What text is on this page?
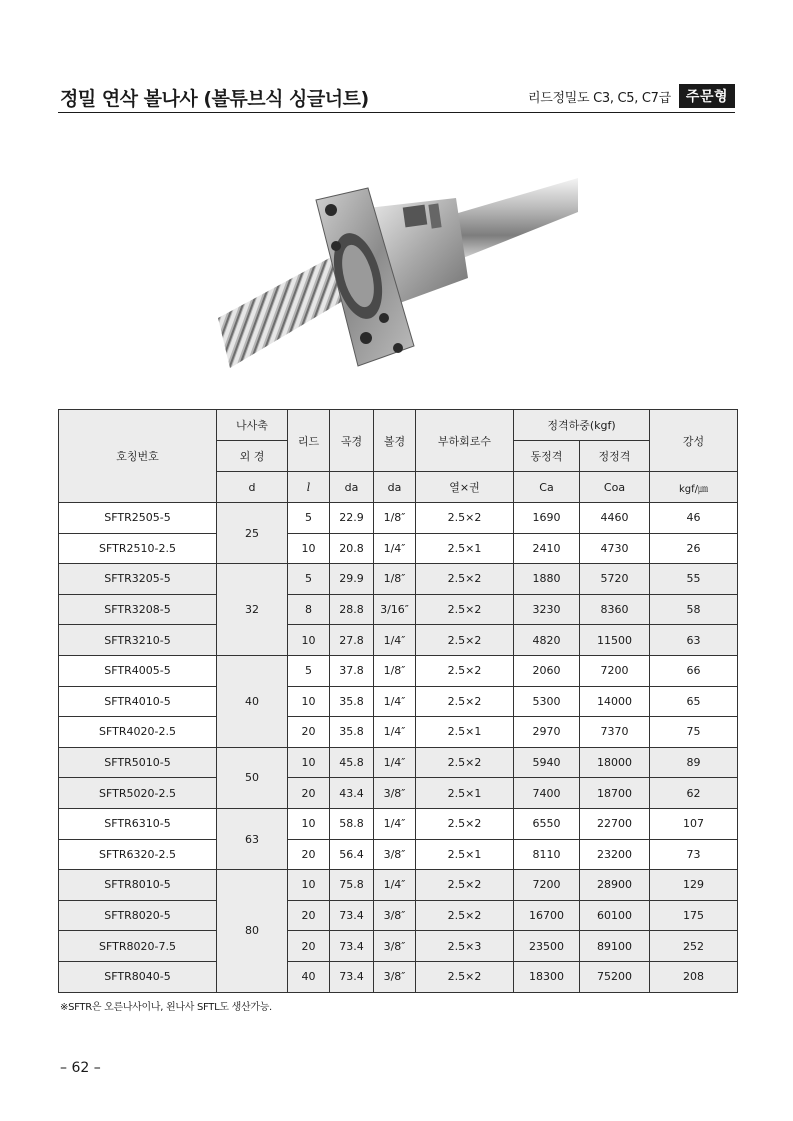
정밀 연삭 볼나사 (볼튜브식 싱글너트)	리드정밀도 C3, C5, C7급	주문형
호칭번호	나사축	리드	곡경	볼경	부하회로수	정격하중(kgf)		강성
	외 경					동정격	정정격	
	d	l	da	da	열×권	Ca	Coa	kgf/㎛
SFTR2505-5	25	5	22.9	1/8″	2.5×2	1690	4460	46
SFTR2510-2.5		10	20.8	1/4″	2.5×1	2410	4730	26
SFTR3205-5	32	5	29.9	1/8″	2.5×2	1880	5720	55
SFTR3208-5		8	28.8	3/16″	2.5×2	3230	8360	58
SFTR3210-5		10	27.8	1/4″	2.5×2	4820	11500	63
SFTR4005-5	40	5	37.8	1/8″	2.5×2	2060	7200	66
SFTR4010-5		10	35.8	1/4″	2.5×2	5300	14000	65
SFTR4020-2.5		20	35.8	1/4″	2.5×1	2970	7370	75
SFTR5010-5	50	10	45.8	1/4″	2.5×2	5940	18000	89
SFTR5020-2.5		20	43.4	3/8″	2.5×1	7400	18700	62
SFTR6310-5	63	10	58.8	1/4″	2.5×2	6550	22700	107
SFTR6320-2.5		20	56.4	3/8″	2.5×1	8110	23200	73
SFTR8010-5	80	10	75.8	1/4″	2.5×2	7200	28900	129
SFTR8020-5		20	73.4	3/8″	2.5×2	16700	60100	175
SFTR8020-7.5		20	73.4	3/8″	2.5×3	23500	89100	252
SFTR8040-5		40	73.4	3/8″	2.5×2	18300	75200	208
※SFTR은 오른나사이나, 왼나사 SFTL도 생산가능.
– 62 –
